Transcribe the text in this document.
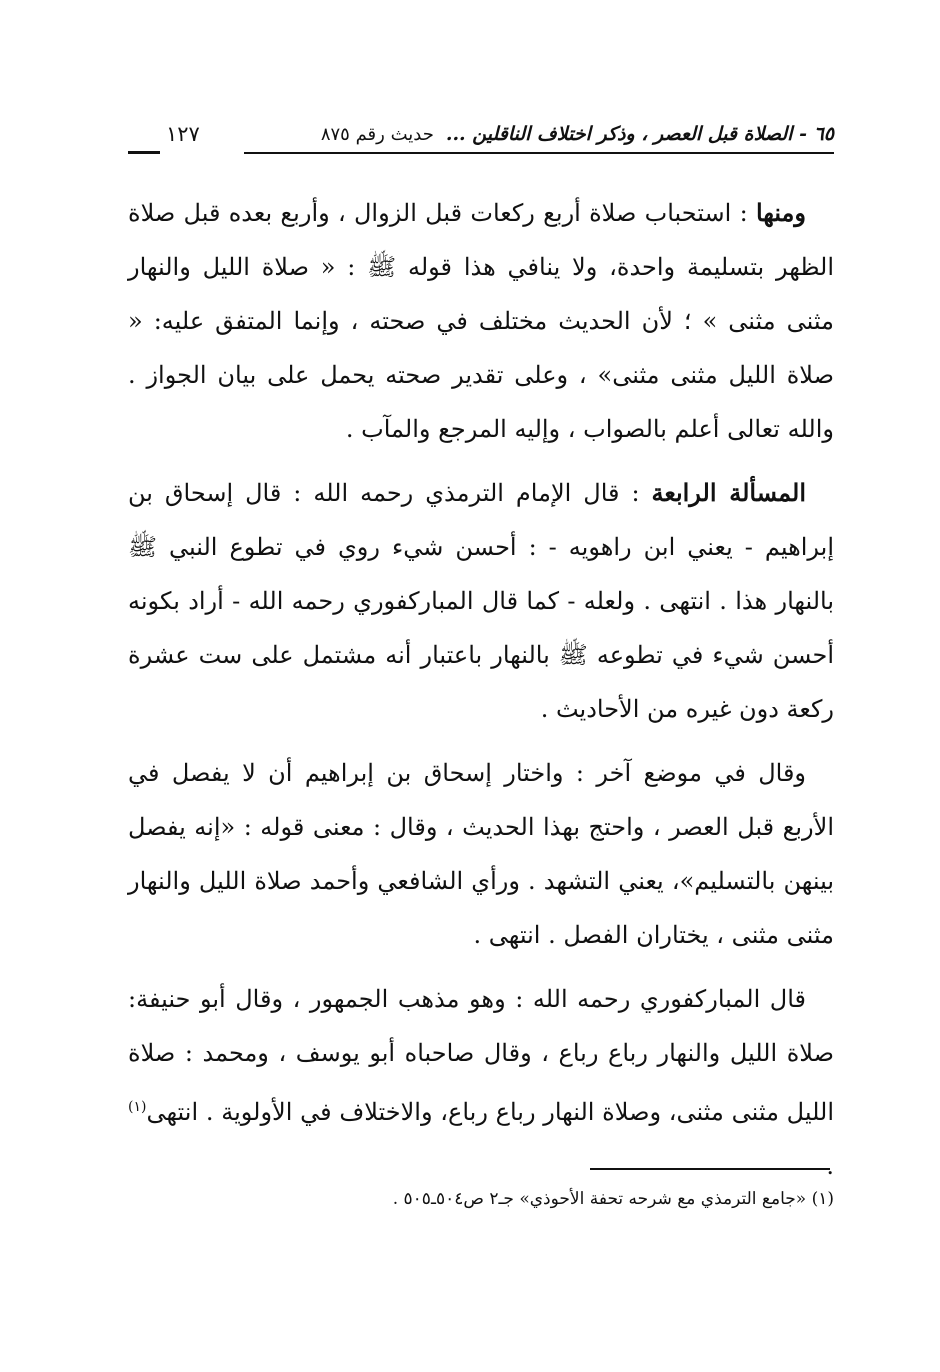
٦٥ - الصلاة قبل العصر ، وذكر اختلاف الناقلين ...
حديث رقم ٨٧٥
١٢٧

ومنها : استحباب صلاة أربع ركعات قبل الزوال ، وأربع بعده قبل صلاة الظهر بتسليمة واحدة، ولا ينافي هذا قوله ﷺ : « صلاة الليل والنهار مثنى مثنى » ؛ لأن الحديث مختلف في صحته ، وإنما المتفق عليه: « صلاة الليل مثنى مثنى» ، وعلى تقدير صحته يحمل على بيان الجواز . والله تعالى أعلم بالصواب ، وإليه المرجع والمآب .

المسألة الرابعة : قال الإمام الترمذي رحمه الله : قال إسحاق بن إبراهيم - يعني ابن راهويه - : أحسن شيء روي في تطوع النبي ﷺ بالنهار هذا . انتهى . ولعله - كما قال المباركفوري رحمه الله - أراد بكونه أحسن شيء في تطوعه ﷺ بالنهار باعتبار أنه مشتمل على ست عشرة ركعة دون غيره من الأحاديث .

وقال في موضع آخر : واختار إسحاق بن إبراهيم أن لا يفصل في الأربع قبل العصر ، واحتج بهذا الحديث ، وقال : معنى قوله : «إنه يفصل بينهن بالتسليم»، يعني التشهد . ورأي الشافعي وأحمد صلاة الليل والنهار مثنى مثنى ، يختاران الفصل . انتهى .

قال المباركفوري رحمه الله : وهو مذهب الجمهور ، وقال أبو حنيفة: صلاة الليل والنهار رباع رباع ، وقال صاحباه أبو يوسف ، ومحمد : صلاة الليل مثنى مثنى، وصلاة النهار رباع رباع، والاختلاف في الأولوية . انتهى$^{(١)}$ .

(١) «جامع الترمذي مع شرحه تحفة الأحوذي» جـ٢ ص٥٠٤ـ٥٠٥ .
